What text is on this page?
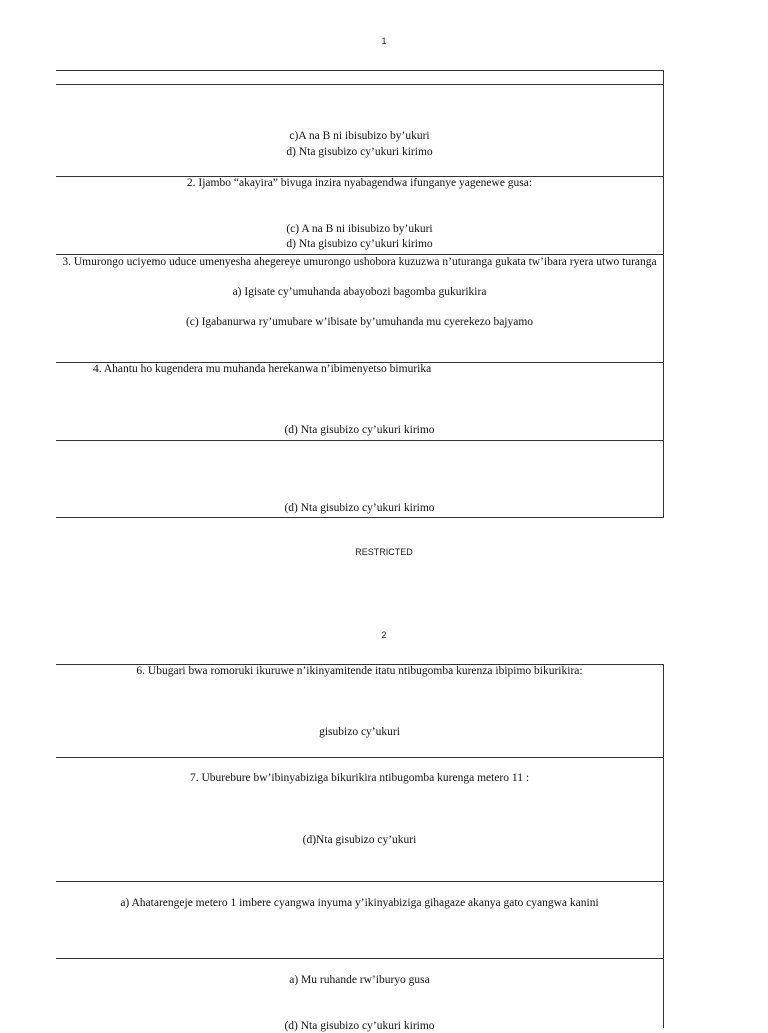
1
c)A na B ni ibisubizo by’ukuri
d) Nta gisubizo cy’ukuri kirimo
2. Ijambo “akayira” bivuga inzira nyabagendwa ifunganye yagenewe gusa:
(c) A na B ni ibisubizo by’ukuri
d) Nta gisubizo cy’ukuri kirimo
3. Umurongo uciyemo uduce umenyesha ahegereye umurongo ushobora kuzuzwa n’uturanga gukata tw’ibara ryera utwo turanga
a) Igisate cy’umuhanda abayobozi bagomba gukurikira
(c) Igabanurwa ry’umubare w’ibisate by’umuhanda mu cyerekezo bajyamo
4. Ahantu ho kugendera mu muhanda herekanwa n’ibimenyetso bimurika
(d) Nta gisubizo cy’ukuri kirimo
(d) Nta gisubizo cy’ukuri kirimo
RESTRICTED
2
6. Ubugari bwa romoruki ikuruwe n’ikinyamitende itatu ntibugomba kurenza ibipimo bikurikira:
gisubizo cy’ukuri
7. Uburebure bw’ibinyabiziga bikurikira ntibugomba kurenga metero 11 :
(d)Nta gisubizo cy’ukuri
a) Ahatarengeje metero 1 imbere cyangwa inyuma y’ikinyabiziga gihagaze akanya gato cyangwa kanini
a) Mu ruhande rw’iburyo gusa
(d) Nta gisubizo cy’ukuri kirimo
